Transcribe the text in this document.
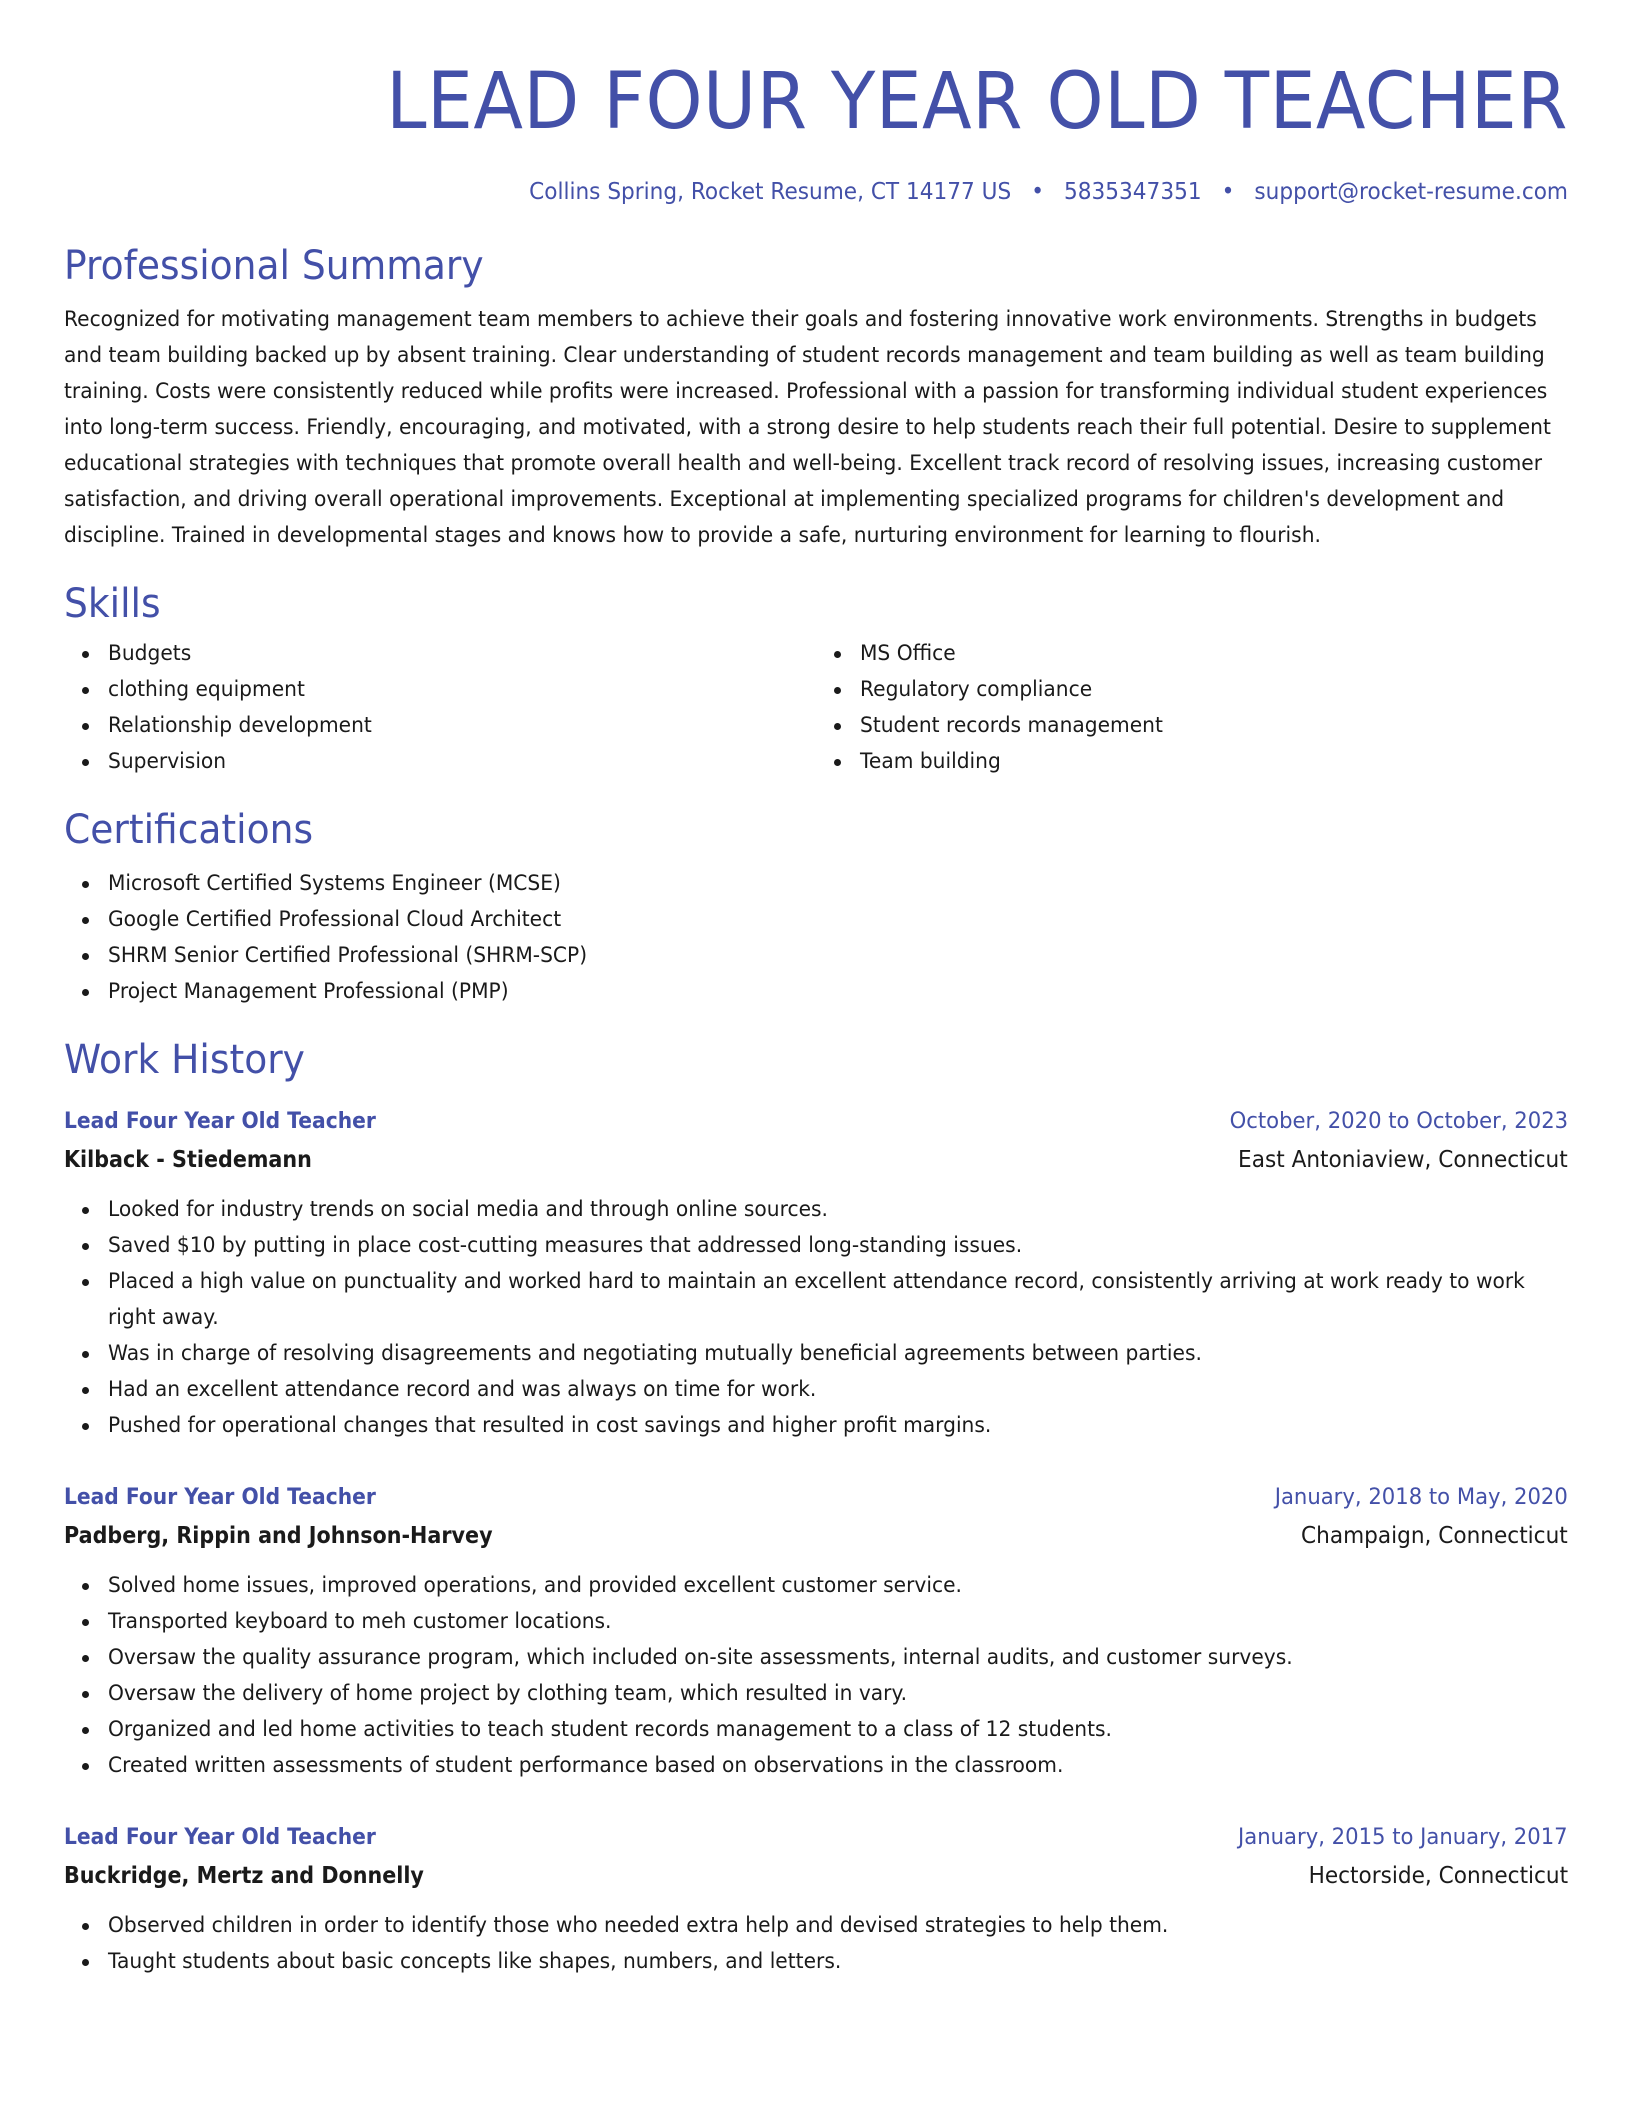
LEAD FOUR YEAR OLD TEACHER
Collins Spring, Rocket Resume, CT 14177 US • 5835347351 • support@rocket-resume.com
Professional Summary
Recognized for motivating management team members to achieve their goals and fostering innovative work environments. Strengths in budgets and team building backed up by absent training. Clear understanding of student records management and team building as well as team building training. Costs were consistently reduced while profits were increased. Professional with a passion for transforming individual student experiences into long-term success. Friendly, encouraging, and motivated, with a strong desire to help students reach their full potential. Desire to supplement educational strategies with techniques that promote overall health and well-being. Excellent track record of resolving issues, increasing customer satisfaction, and driving overall operational improvements. Exceptional at implementing specialized programs for children's development and discipline. Trained in developmental stages and knows how to provide a safe, nurturing environment for learning to flourish.
Skills
Budgets
clothing equipment
Relationship development
Supervision
MS Office
Regulatory compliance
Student records management
Team building
Certifications
Microsoft Certified Systems Engineer (MCSE)
Google Certified Professional Cloud Architect
SHRM Senior Certified Professional (SHRM-SCP)
Project Management Professional (PMP)
Work History
Lead Four Year Old Teacher	October, 2020 to October, 2023
Kilback - Stiedemann	East Antoniaview, Connecticut
Looked for industry trends on social media and through online sources.
Saved $10 by putting in place cost-cutting measures that addressed long-standing issues.
Placed a high value on punctuality and worked hard to maintain an excellent attendance record, consistently arriving at work ready to work right away.
Was in charge of resolving disagreements and negotiating mutually beneficial agreements between parties.
Had an excellent attendance record and was always on time for work.
Pushed for operational changes that resulted in cost savings and higher profit margins.
Lead Four Year Old Teacher	January, 2018 to May, 2020
Padberg, Rippin and Johnson-Harvey	Champaign, Connecticut
Solved home issues, improved operations, and provided excellent customer service.
Transported keyboard to meh customer locations.
Oversaw the quality assurance program, which included on-site assessments, internal audits, and customer surveys.
Oversaw the delivery of home project by clothing team, which resulted in vary.
Organized and led home activities to teach student records management to a class of 12 students.
Created written assessments of student performance based on observations in the classroom.
Lead Four Year Old Teacher	January, 2015 to January, 2017
Buckridge, Mertz and Donnelly	Hectorside, Connecticut
Observed children in order to identify those who needed extra help and devised strategies to help them.
Taught students about basic concepts like shapes, numbers, and letters.
